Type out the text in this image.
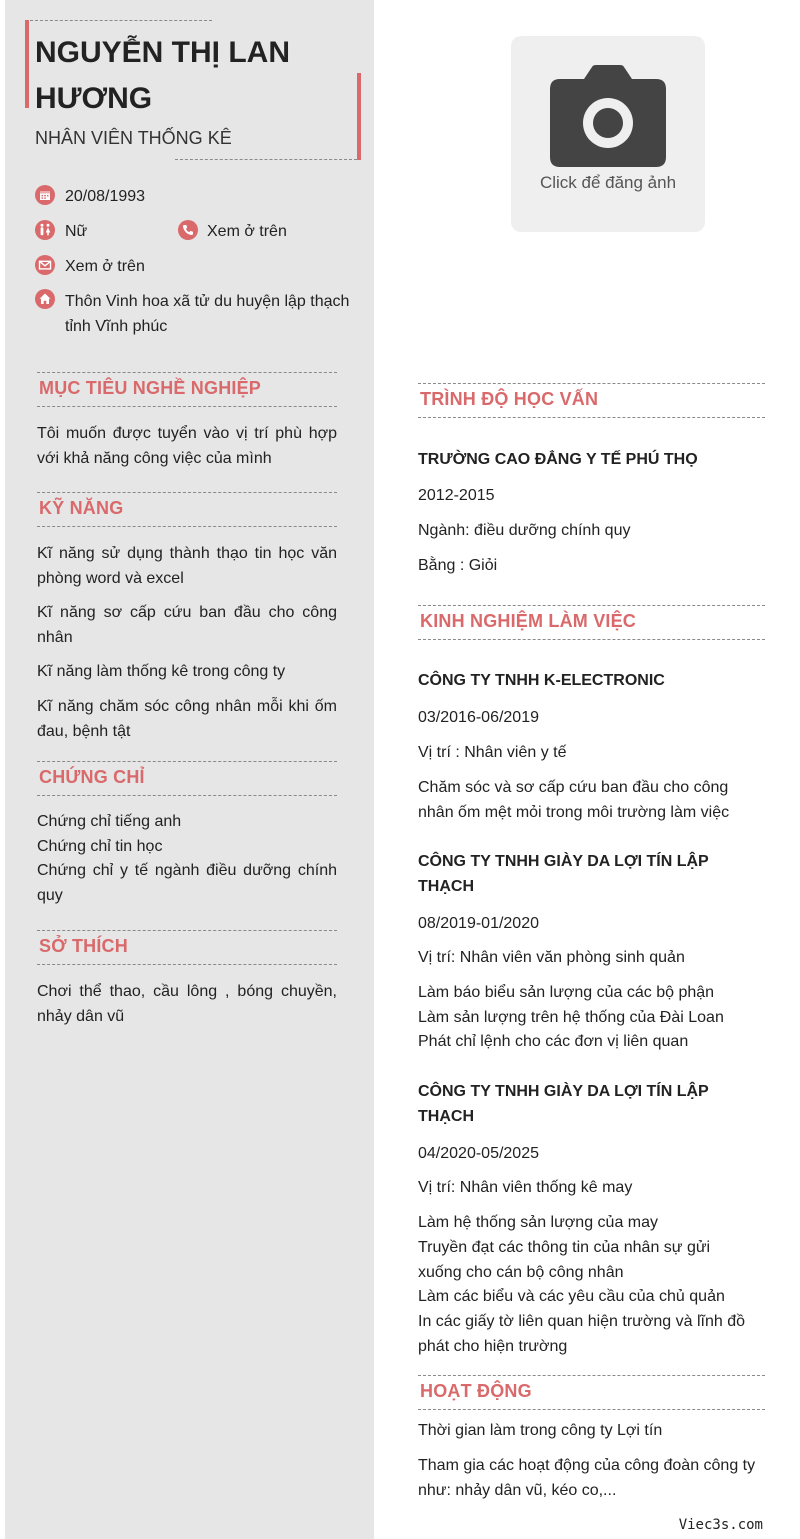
NGUYỄN THỊ LAN HƯƠNG
NHÂN VIÊN THỐNG KÊ
20/08/1993
Nữ	Xem ở trên
Xem ở trên
Thôn Vinh hoa xã tử du huyện lập thạch tỉnh Vĩnh phúc
MỤC TIÊU NGHỀ NGHIỆP
Tôi muốn được tuyển vào vị trí phù hợp với khả năng công việc của mình
KỸ NĂNG
Kĩ năng sử dụng thành thạo tin học văn phòng word và excel
Kĩ năng sơ cấp cứu ban đầu cho công nhân
Kĩ năng làm thống kê trong công ty
Kĩ năng chăm sóc công nhân mỗi khi ốm đau, bệnh tật
CHỨNG CHỈ
Chứng chỉ tiếng anh
Chứng chỉ tin học
Chứng chỉ y tế ngành điều dưỡng chính quy
SỞ THÍCH
Chơi thể thao, cầu lông , bóng chuyền, nhảy dân vũ
Click để đăng ảnh
TRÌNH ĐỘ HỌC VẤN
TRƯỜNG CAO ĐẲNG Y TẾ PHÚ THỌ
2012-2015
Ngành: điều dưỡng chính quy
Bằng : Giỏi
KINH NGHIỆM LÀM VIỆC
CÔNG TY TNHH K-ELECTRONIC
03/2016-06/2019
Vị trí : Nhân viên y tế
Chăm sóc và sơ cấp cứu ban đầu cho công nhân ốm mệt mỏi trong môi trường làm việc
CÔNG TY TNHH GIÀY DA LỢI TÍN LẬP THẠCH
08/2019-01/2020
Vị trí: Nhân viên văn phòng sinh quản
Làm báo biểu sản lượng của các bộ phận
Làm sản lượng trên hệ thống của Đài Loan
Phát chỉ lệnh cho các đơn vị liên quan
CÔNG TY TNHH GIÀY DA LỢI TÍN LẬP THẠCH
04/2020-05/2025
Vị trí: Nhân viên thống kê may
Làm hệ thống sản lượng của may
Truyền đạt các thông tin của nhân sự gửi xuống cho cán bộ công nhân
Làm các biểu và các yêu cầu của chủ quản
In các giấy tờ liên quan hiện trường và lĩnh đồ phát cho hiện trường
HOẠT ĐỘNG
Thời gian làm trong công ty Lợi tín
Tham gia các hoạt động của công đoàn công ty như: nhảy dân vũ, kéo co,...
Viec3s.com
